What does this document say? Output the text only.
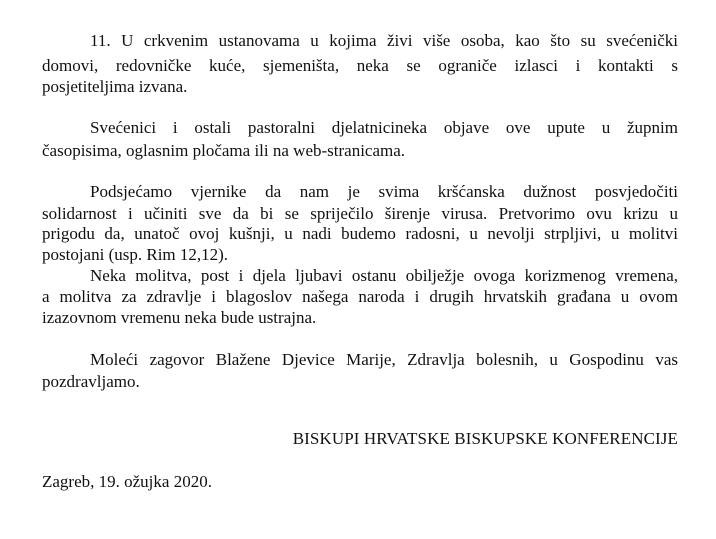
11. U crkvenim ustanovama u kojima živi više osoba, kao što su svećenički
domovi, redovničke kuće, sjemeništa, neka se ograniče izlasci i kontakti s
posjetiteljima izvana.
Svećenici i ostali pastoralni djelatnicineka objave ove upute u župnim
časopisima, oglasnim pločama ili na web-stranicama.
Podsjećamo vjernike da nam je svima kršćanska dužnost posvjedočiti
solidarnost i učiniti sve da bi se spriječilo širenje virusa. Pretvorimo ovu krizu u
prigodu da, unatoč ovoj kušnji, u nadi budemo radosni, u nevolji strpljivi, u molitvi
postojani (usp. Rim 12,12).
Neka molitva, post i djela ljubavi ostanu obilježje ovoga korizmenog vremena,
a molitva za zdravlje i blagoslov našega naroda i drugih hrvatskih građana u ovom
izazovnom vremenu neka bude ustrajna.
Moleći zagovor Blažene Djevice Marije, Zdravlja bolesnih, u Gospodinu vas
pozdravljamo.
BISKUPI HRVATSKE BISKUPSKE KONFERENCIJE
Zagreb, 19. ožujka 2020.
